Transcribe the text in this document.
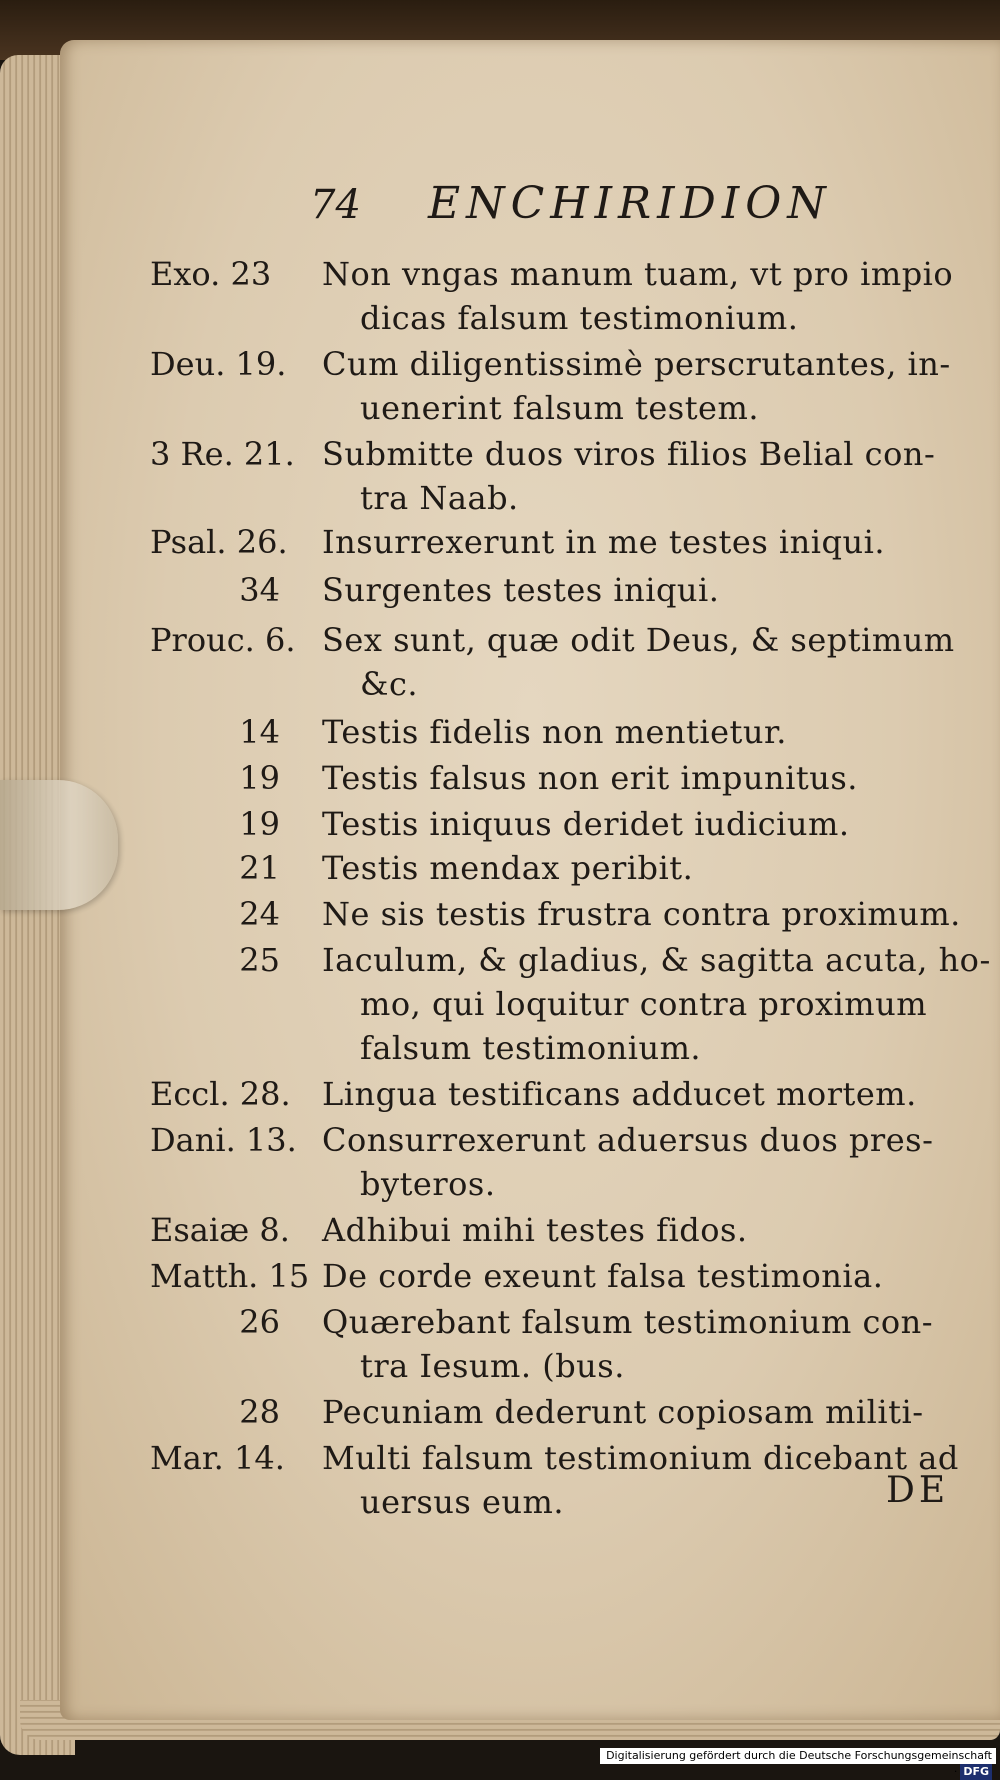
74 ENCHIRIDION
Exo. 23	Non vngas manum tuam, vt pro impio
dicas falsum testimonium.
Deu. 19.	Cum diligentissimè perscrutantes, in-
uenerint falsum testem.
3 Re. 21. Submitte duos viros filios Belial con-
tra Naab.
Psal. 26.	Insurrexerunt in me testes iniqui.
34 Surgentes testes iniqui.
Prouc. 6. Sex sunt, quæ odit Deus, & septimum
&c.
14 Testis fidelis non mentietur.
19 Testis falsus non erit impunitus.
19 Testis iniquus deridet iudicium.
21 Testis mendax peribit.
24 Ne sis testis frustra contra proximum.
25 Iaculum, & gladius, & sagitta acuta, ho-
mo, qui loquitur contra proximum
falsum testimonium.
Eccl. 28. Lingua testificans adducet mortem.
Dani. 13. Consurrexerunt aduersus duos pres-
byteros.
Esaiæ 8.	Adhibui mihi testes fidos.
Matth. 15 De corde exeunt falsa testimonia.
26 Quærebant falsum testimonium con-
tra Iesum. (bus.
28 Pecuniam dederunt copiosam militi-
Mar. 14.	Multi falsum testimonium dicebant ad
uersus eum.	DE
Digitalisierung gefördert durch die Deutsche Forschungsgemeinschaft · DFG
